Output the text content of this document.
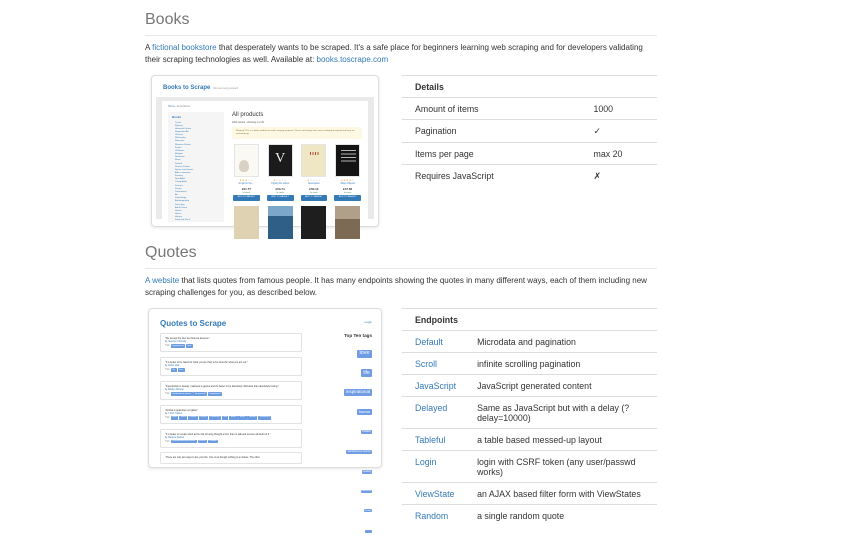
Books

A fictional bookstore that desperately wants to be scraped. It's a safe place for beginners learning web scraping and for developers validating their scraping technologies as well. Available at: books.toscrape.com

Books to Scrape We love being scraped!
Home › All products
Books
Travel
Mystery
Historical Fiction
Sequential Art
Classics
Philosophy
Romance
Womens Fiction
Fiction
Childrens
Religion
Nonfiction
Music
Default
Science Fiction
Sports and Games
Add a comment
Fantasy
New Adult
Young Adult
Science
Poetry
Paranormal
Art
Psychology
Autobiography
Parenting
Adult Fiction
Humor
Horror
History
Food and Drink
All products
1000 results - showing 1 to 20
Warning! This is a demo website for web scraping purposes. Prices and ratings here were randomly assigned and have no real meaning.
★★★★★
A Light in the ...
£51.77
In stock
ADD TO BASKET
V
★★★★★
Tipping the Velvet
£53.74
In stock
ADD TO BASKET
★★★★★
Soumission
£50.10
In stock
ADD TO BASKET
★★★★★
Sharp Objects
£47.82
In stock
ADD TO BASKET
Details	
Amount of items	1000
Pagination	✓
Items per page	max 20
Requires JavaScript	✗
Quotes

A website that lists quotes from famous people. It has many endpoints showing the quotes in many different ways, each of them including new scraping challenges for you, as described below.

Quotes to Scrape	Login
“We accept the love we think we deserve.”
by Stephen Chbosky
Tags: inspirational love
“It is better to be hated for what you are than to be loved for what you are not.”
by André Gide
Tags: life love
“Imperfection is beauty, madness is genius and it's better to be absolutely ridiculous than absolutely boring.”
by Marilyn Monroe
Tags: attributed-no-source be-yourself inspirational
“All that is gold does not glitter”
by J.R.R. Tolkien
Tags: bilbo elves fantasy friends friendship lost quest travel wander wanderlust
“It is better to remain silent at the risk of being thought a fool, than to talk and remove all doubt of it.”
by Maurice Switzer
Tags: misattributed-mark-twain silence wisdom
“There are only two ways to live your life. One is as though nothing is a miracle. The other
Top Ten tags
love
life
inspirational
humor
books
attributed-no-source
reading
friendship
friends
simile
Endpoints	
Default	Microdata and pagination
Scroll	infinite scrolling pagination
JavaScript	JavaScript generated content
Delayed	Same as JavaScript but with a delay (?delay=10000)
Tableful	a table based messed-up layout
Login	login with CSRF token (any user/passwd works)
ViewState	an AJAX based filter form with ViewStates
Random	a single random quote
